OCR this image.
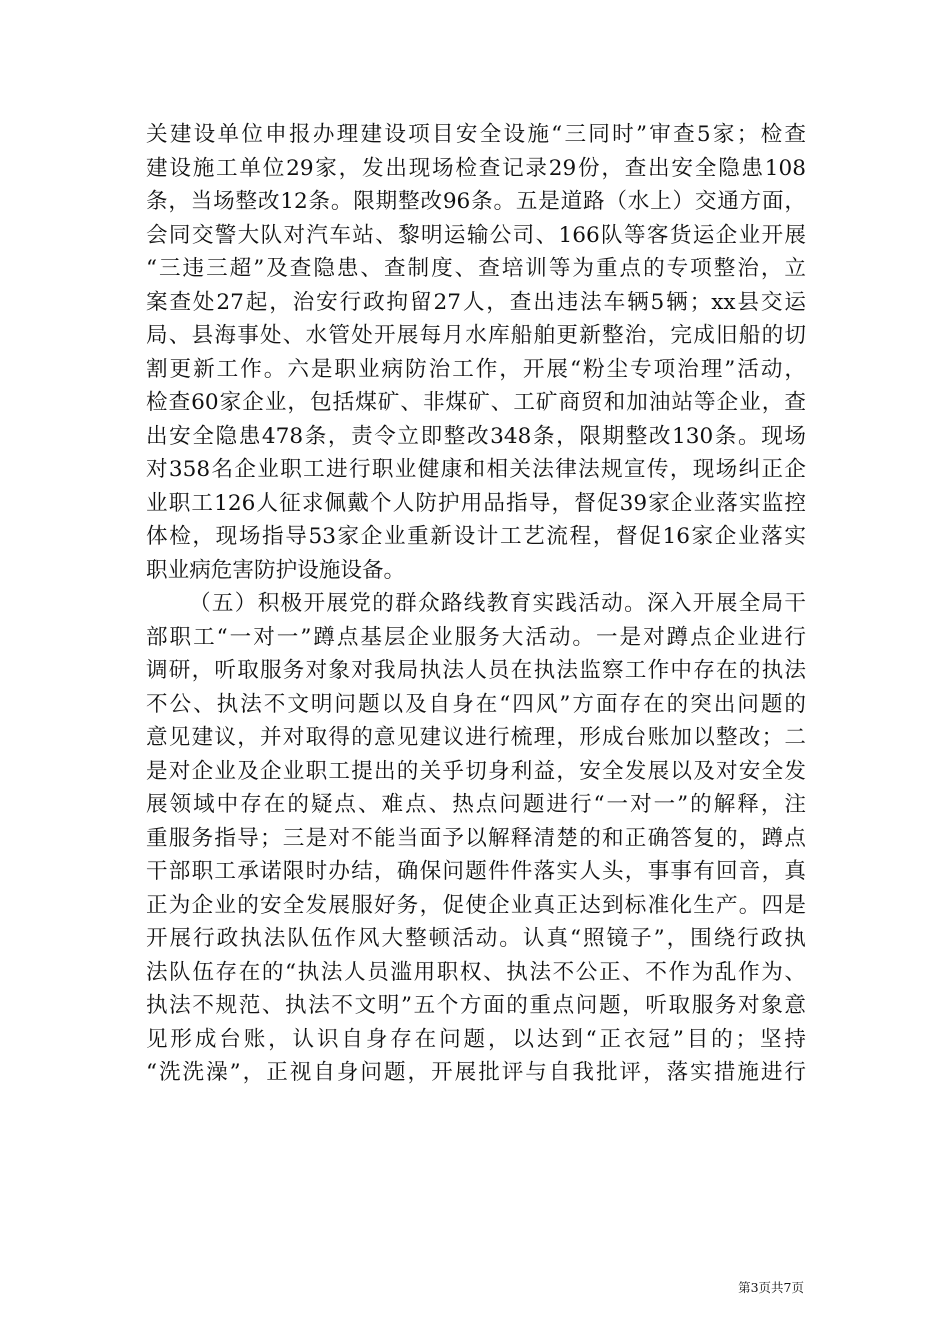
关建设单位申报办理建设项目安全设施“三同时”审查5家；检查
建设施工单位29家，发出现场检查记录29份，查出安全隐患108
条，当场整改12条。限期整改96条。五是道路（水上）交通方面，
会同交警大队对汽车站、黎明运输公司、166队等客货运企业开展
“三违三超”及查隐患、查制度、查培训等为重点的专项整治，立
案查处27起，治安行政拘留27人，查出违法车辆5辆；xx县交运
局、县海事处、水管处开展每月水库船舶更新整治，完成旧船的切
割更新工作。六是职业病防治工作，开展“粉尘专项治理”活动，
检查60家企业，包括煤矿、非煤矿、工矿商贸和加油站等企业，查
出安全隐患478条，责令立即整改348条，限期整改130条。现场
对358名企业职工进行职业健康和相关法律法规宣传，现场纠正企
业职工126人征求佩戴个人防护用品指导，督促39家企业落实监控
体检，现场指导53家企业重新设计工艺流程，督促16家企业落实
职业病危害防护设施设备。
（五）积极开展党的群众路线教育实践活动。深入开展全局干
部职工“一对一”蹲点基层企业服务大活动。一是对蹲点企业进行
调研，听取服务对象对我局执法人员在执法监察工作中存在的执法
不公、执法不文明问题以及自身在“四风”方面存在的突出问题的
意见建议，并对取得的意见建议进行梳理，形成台账加以整改；二
是对企业及企业职工提出的关乎切身利益，安全发展以及对安全发
展领域中存在的疑点、难点、热点问题进行“一对一”的解释，注
重服务指导；三是对不能当面予以解释清楚的和正确答复的，蹲点
干部职工承诺限时办结，确保问题件件落实人头，事事有回音，真
正为企业的安全发展服好务，促使企业真正达到标准化生产。四是
开展行政执法队伍作风大整顿活动。认真“照镜子”，围绕行政执
法队伍存在的“执法人员滥用职权、执法不公正、不作为乱作为、
执法不规范、执法不文明”五个方面的重点问题，听取服务对象意
见形成台账，认识自身存在问题，以达到“正衣冠”目的；坚持
“洗洗澡”，正视自身问题，开展批评与自我批评，落实措施进行
第3页共7页
